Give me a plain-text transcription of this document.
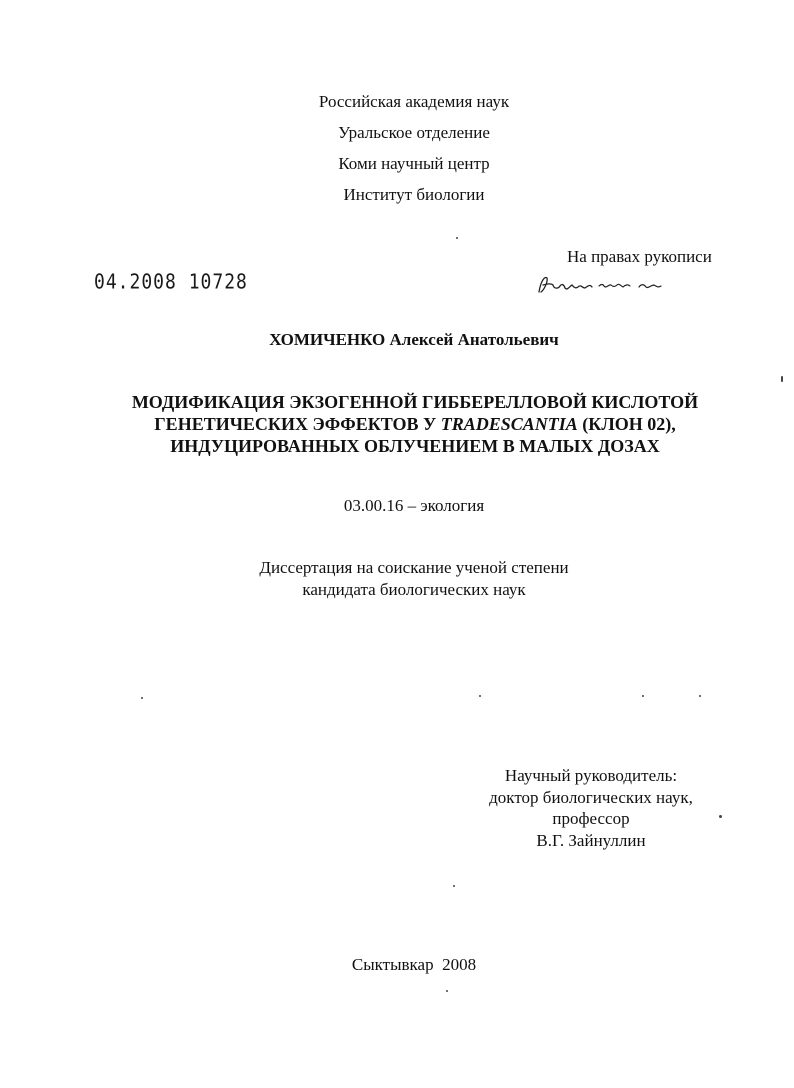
Российская академия наук
Уральское отделение
Коми научный центр
Институт биологии
На правах рукописи
04.2008 10728
ХОМИЧЕНКО Алексей Анатольевич
МОДИФИКАЦИЯ ЭКЗОГЕННОЙ ГИББЕРЕЛЛОВОЙ КИСЛОТОЙ
ГЕНЕТИЧЕСКИХ ЭФФЕКТОВ У TRADESCANTIA (КЛОН 02),
ИНДУЦИРОВАННЫХ ОБЛУЧЕНИЕМ В МАЛЫХ ДОЗАХ
03.00.16 – экология
Диссертация на соискание ученой степени
кандидата биологических наук
Научный руководитель:
доктор биологических наук,
профессор
В.Г. Зайнуллин
Сыктывкар  2008
